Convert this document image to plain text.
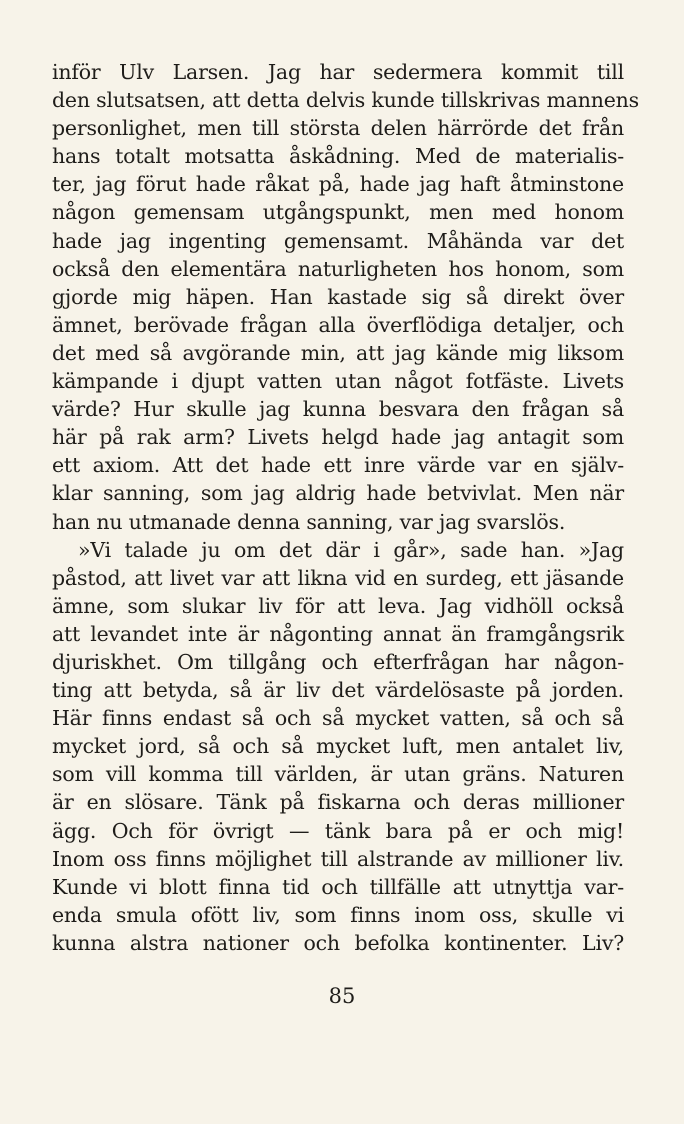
inför Ulv Larsen. Jag har sedermera kommit till
den slutsatsen, att detta delvis kunde tillskrivas mannens
personlighet, men till största delen härrörde det från
hans totalt motsatta åskådning. Med de materialis-
ter, jag förut hade råkat på, hade jag haft åtminstone
någon gemensam utgångspunkt, men med honom
hade jag ingenting gemensamt. Måhända var det
också den elementära naturligheten hos honom, som
gjorde mig häpen. Han kastade sig så direkt över
ämnet, berövade frågan alla överflödiga detaljer, och
det med så avgörande min, att jag kände mig liksom
kämpande i djupt vatten utan något fotfäste. Livets
värde? Hur skulle jag kunna besvara den frågan så
här på rak arm? Livets helgd hade jag antagit som
ett axiom. Att det hade ett inre värde var en själv-
klar sanning, som jag aldrig hade betvivlat. Men när
han nu utmanade denna sanning, var jag svarslös.
»Vi talade ju om det där i går», sade han. »Jag
påstod, att livet var att likna vid en surdeg, ett jäsande
ämne, som slukar liv för att leva. Jag vidhöll också
att levandet inte är någonting annat än framgångsrik
djuriskhet. Om tillgång och efterfrågan har någon-
ting att betyda, så är liv det värdelösaste på jorden.
Här finns endast så och så mycket vatten, så och så
mycket jord, så och så mycket luft, men antalet liv,
som vill komma till världen, är utan gräns. Naturen
är en slösare. Tänk på fiskarna och deras millioner
ägg. Och för övrigt — tänk bara på er och mig!
Inom oss finns möjlighet till alstrande av millioner liv.
Kunde vi blott finna tid och tillfälle att utnyttja var-
enda smula ofött liv, som finns inom oss, skulle vi
kunna alstra nationer och befolka kontinenter. Liv?
85
